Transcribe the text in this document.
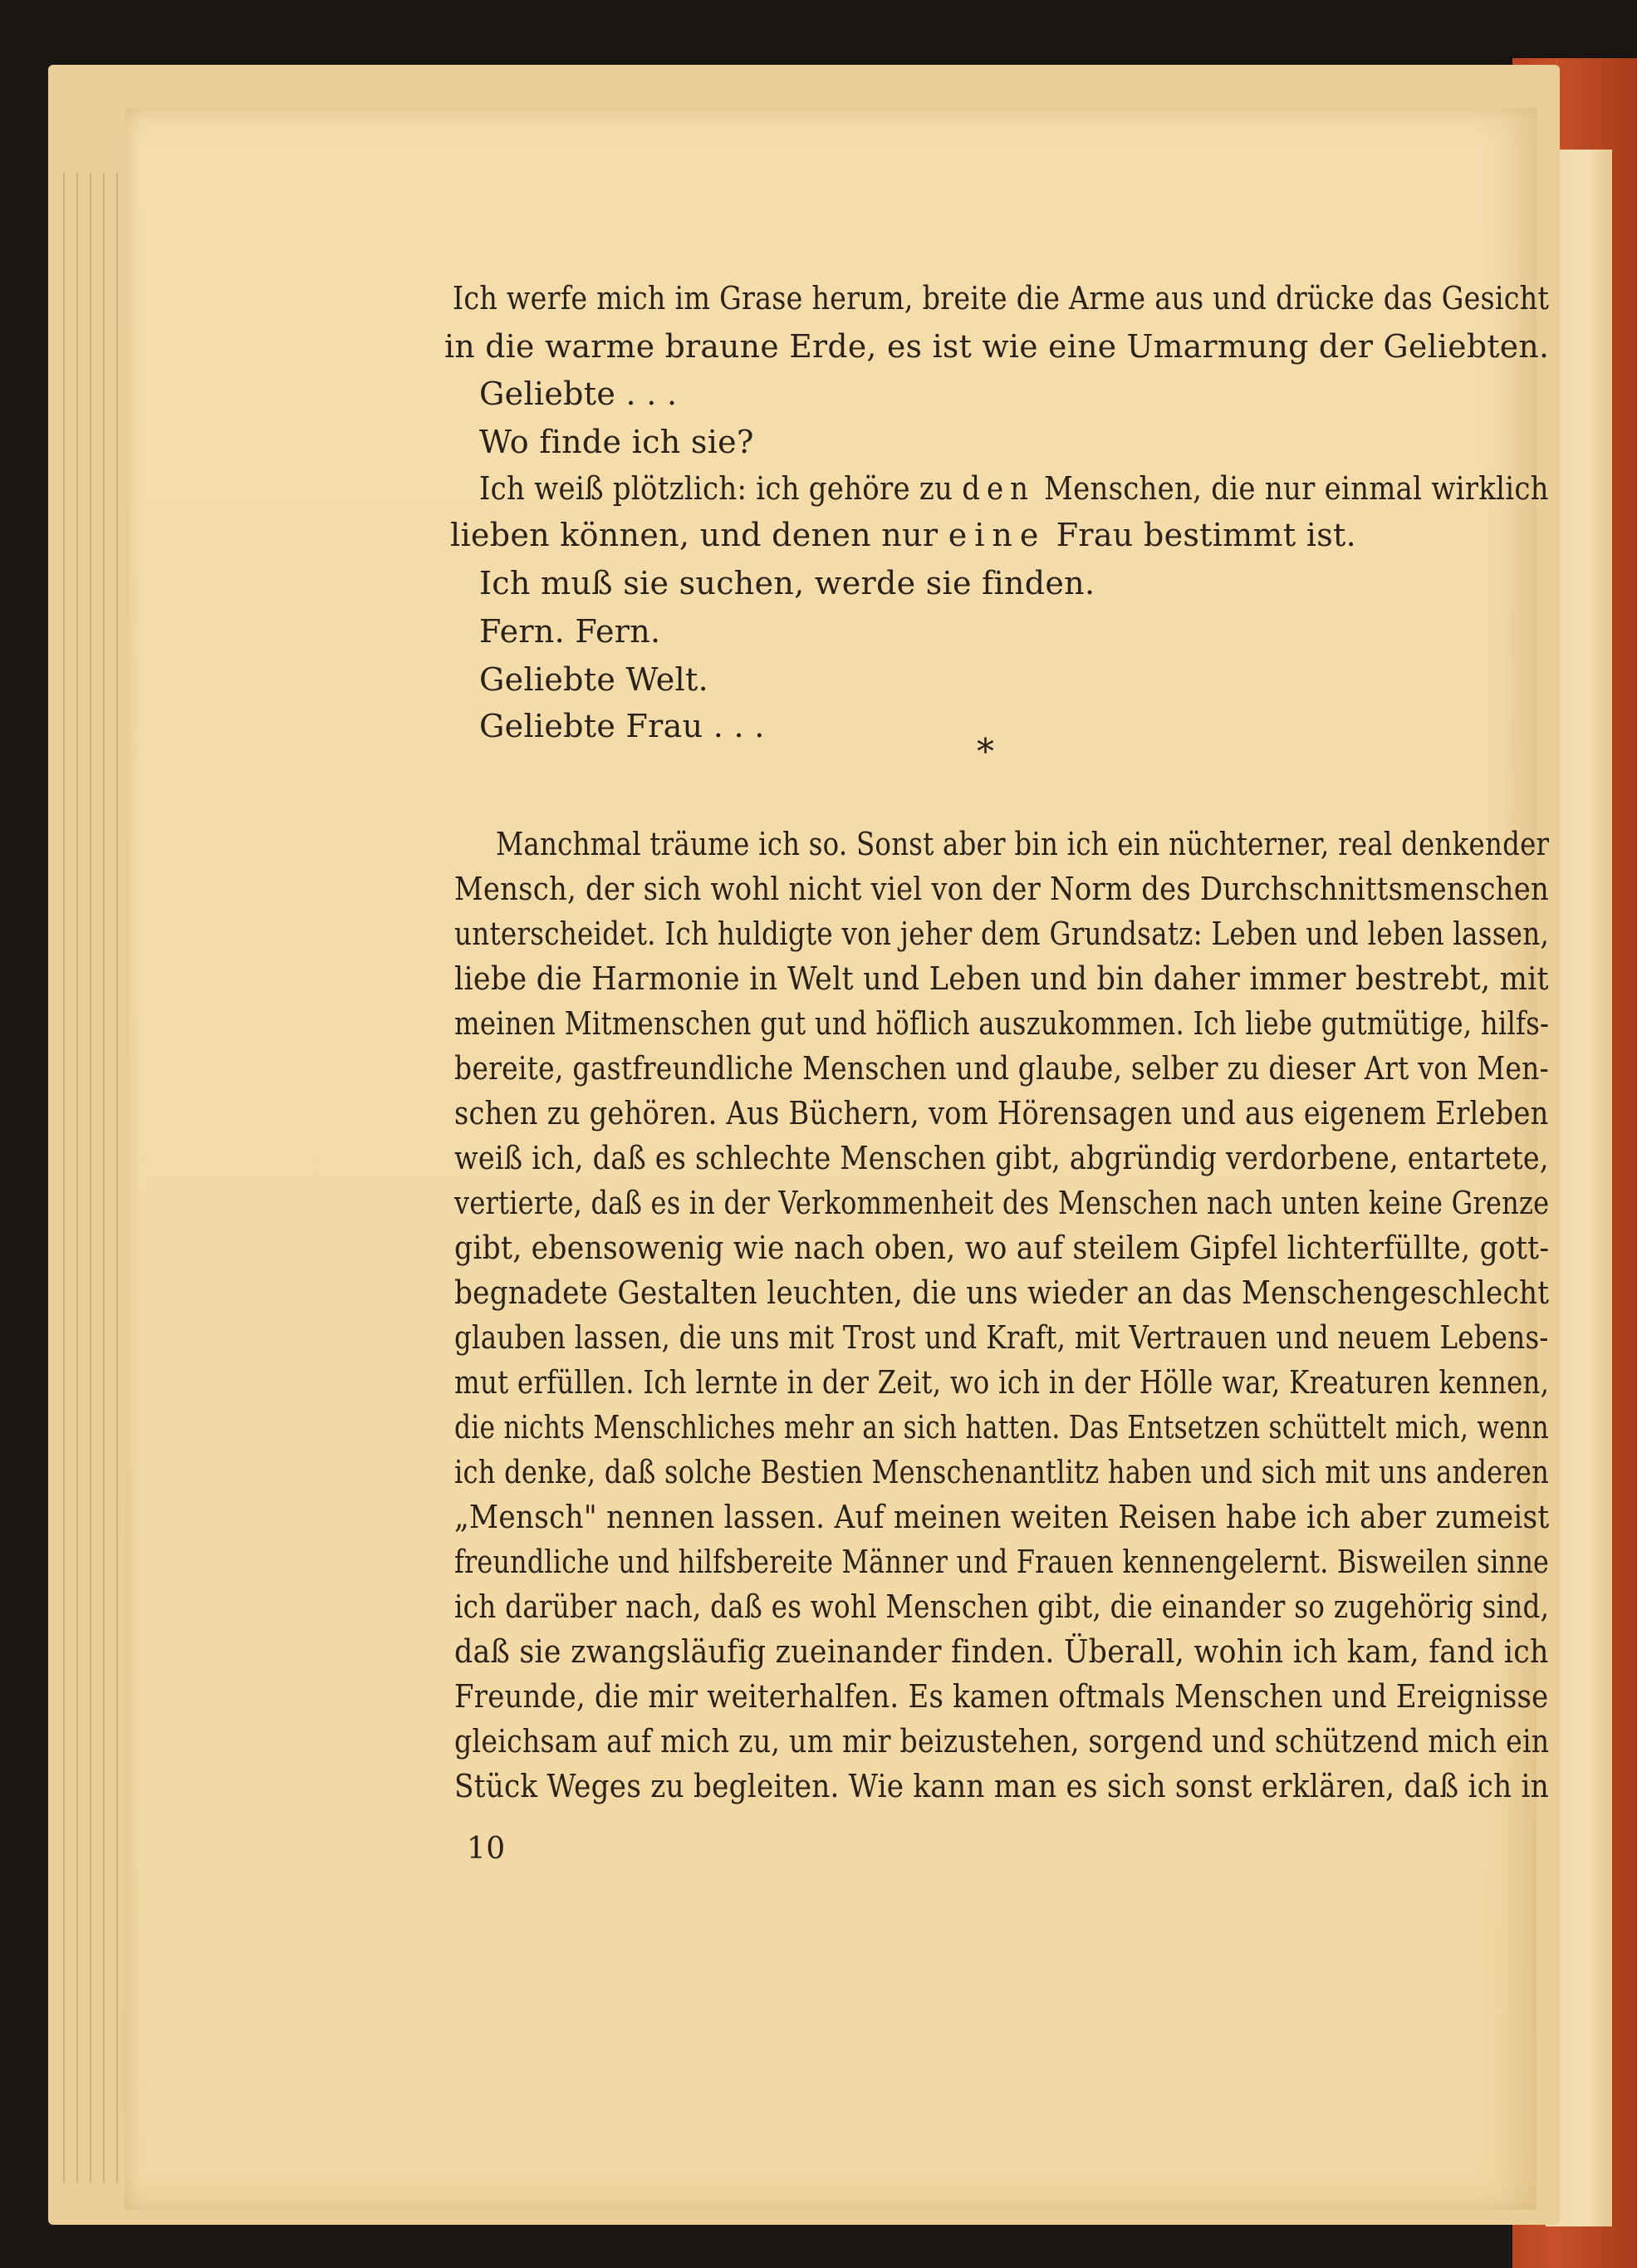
Ich werfe mich im Grase herum, breite die Arme aus und drücke das Gesicht
in die warme braune Erde, es ist wie eine Umarmung der Geliebten.
Geliebte . . .
Wo finde ich sie?
Ich weiß plötzlich: ich gehöre zu den Menschen, die nur einmal wirklich
lieben können, und denen nur eine Frau bestimmt ist.
Ich muß sie suchen, werde sie finden.
Fern. Fern.
Geliebte Welt.
Geliebte Frau . . .
*
Manchmal träume ich so. Sonst aber bin ich ein nüchterner, real denkender
Mensch, der sich wohl nicht viel von der Norm des Durchschnittsmenschen
unterscheidet. Ich huldigte von jeher dem Grundsatz: Leben und leben lassen,
liebe die Harmonie in Welt und Leben und bin daher immer bestrebt, mit
meinen Mitmenschen gut und höflich auszukommen. Ich liebe gutmütige, hilfs-
bereite, gastfreundliche Menschen und glaube, selber zu dieser Art von Men-
schen zu gehören. Aus Büchern, vom Hörensagen und aus eigenem Erleben
weiß ich, daß es schlechte Menschen gibt, abgründig verdorbene, entartete,
vertierte, daß es in der Verkommenheit des Menschen nach unten keine Grenze
gibt, ebensowenig wie nach oben, wo auf steilem Gipfel lichterfüllte, gott-
begnadete Gestalten leuchten, die uns wieder an das Menschengeschlecht
glauben lassen, die uns mit Trost und Kraft, mit Vertrauen und neuem Lebens-
mut erfüllen. Ich lernte in der Zeit, wo ich in der Hölle war, Kreaturen kennen,
die nichts Menschliches mehr an sich hatten. Das Entsetzen schüttelt mich, wenn
ich denke, daß solche Bestien Menschenantlitz haben und sich mit uns anderen
„Mensch" nennen lassen. Auf meinen weiten Reisen habe ich aber zumeist
freundliche und hilfsbereite Männer und Frauen kennengelernt. Bisweilen sinne
ich darüber nach, daß es wohl Menschen gibt, die einander so zugehörig sind,
daß sie zwangsläufig zueinander finden. Überall, wohin ich kam, fand ich
Freunde, die mir weiterhalfen. Es kamen oftmals Menschen und Ereignisse
gleichsam auf mich zu, um mir beizustehen, sorgend und schützend mich ein
Stück Weges zu begleiten. Wie kann man es sich sonst erklären, daß ich in
10
